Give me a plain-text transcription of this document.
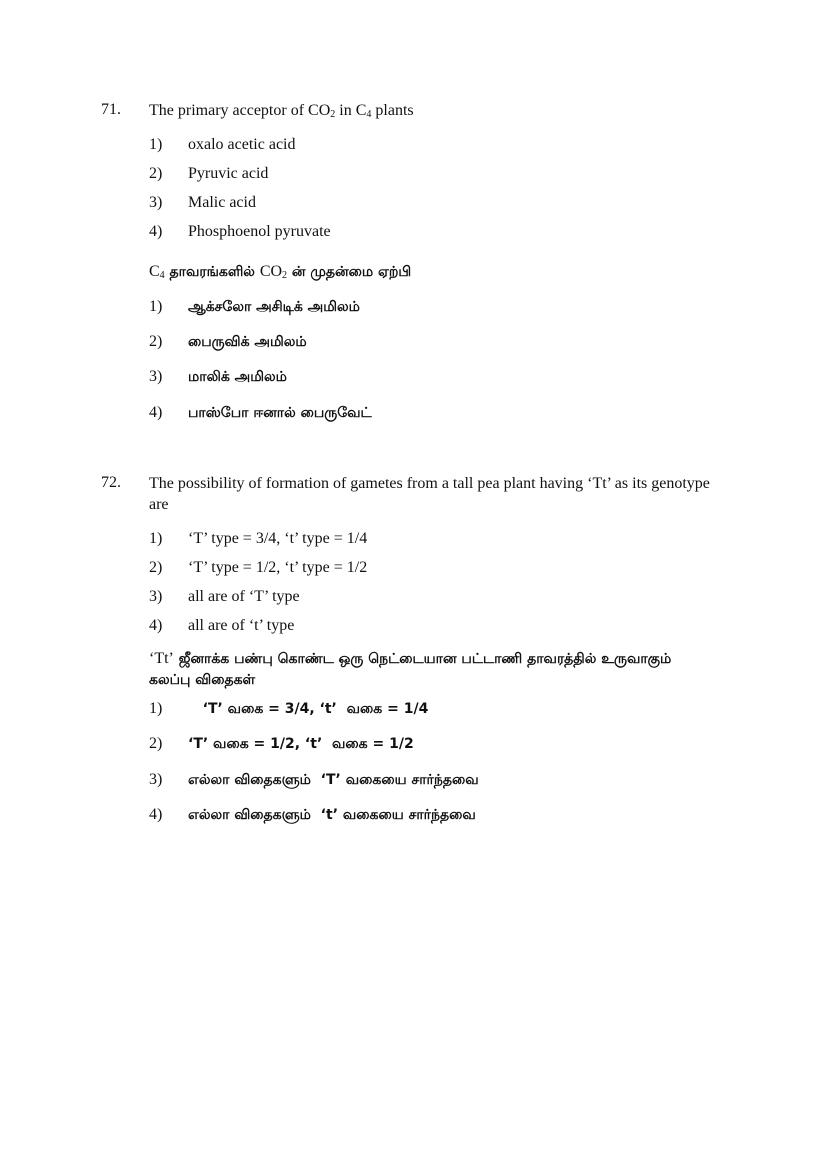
71. The primary acceptor of $CO_2$ in $C_4$ plants
1) oxalo acetic acid
2) Pyruvic acid
3) Malic acid
4) Phosphoenol pyruvate
$C_4$ தாவரங்களில் $CO_2$ ன் முதன்மை ஏற்பி
1) ஆக்சலோ அசிடிக் அமிலம்
2) பைருவிக் அமிலம்
3) மாலிக் அமிலம்
4) பாஸ்போ ஈனால் பைருவேட்
72. The possibility of formation of gametes from a tall pea plant having ‘Tt’ as its genotype are
1) ‘T’ type = 3/4, ‘t’ type = 1/4
2) ‘T’ type = 1/2, ‘t’ type = 1/2
3) all are of ‘T’ type
4) all are of ‘t’ type
‘Tt’ ஜீனாக்க பண்பு கொண்ட ஒரு நெட்டையான பட்டாணி தாவரத்தில் உருவாகும் கலப்பு விதைகள்
1)   ‘T’ வகை = 3/4, ‘t’  வகை = 1/4
2) ‘T’ வகை = 1/2, ‘t’  வகை = 1/2
3) எல்லா விதைகளும்  ‘T’ வகையை சார்ந்தவை
4) எல்லா விதைகளும்  ‘t’ வகையை சார்ந்தவை
